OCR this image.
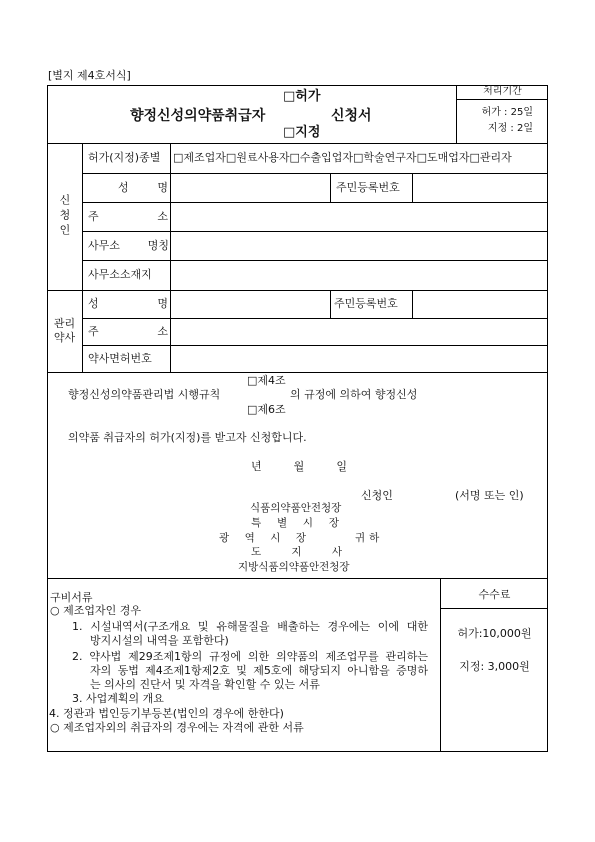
[별지 제4호서식]
□허가
향정신성의약품취급자	신청서
□지정
처리기간
허가 : 25일
지정 : 2일
신청인
허가(지정)종별 □ 제조업자 □ 원료사용자 □ 수출입업자 □ 학술연구자 □ 도매업자 □ 관리자
성 명	주민등록번호
주 소
사무소 명칭
사무소소재지
관리
약사
성 명	주민등록번호
주 소
약사면허번호
□제4조
향정신성의약품관리법 시행규칙	의 규정에 의하여 향정신성
□제6조
의약품 취급자의 허가(지정)를 받고자 신청합니다.
년 월 일
신청인	(서명 또는 인)
식품의약품안전청장
특 별 시 장
광 역 시 장	귀하
도 지 사
지방식품의약품안전청장
구비서류
○ 제조업자인 경우
1. 시설내역서(구조개요 및 유해물질을 배출하는 경우에는 이에 대한
방지시설의 내역을 포함한다)
2. 약사법 제29조제1항의 규정에 의한 의약품의 제조업무를 관리하는
자의 동법 제4조제1항제2호 및 제5호에 해당되지 아니함을 증명하
는 의사의 진단서 및 자격을 확인할 수 있는 서류
3. 사업계획의 개요
4. 정관과 법인등기부등본(법인의 경우에 한한다)
○ 제조업자외의 취급자의 경우에는 자격에 관한 서류
수수료
허가:10,000원
지정: 3,000원
